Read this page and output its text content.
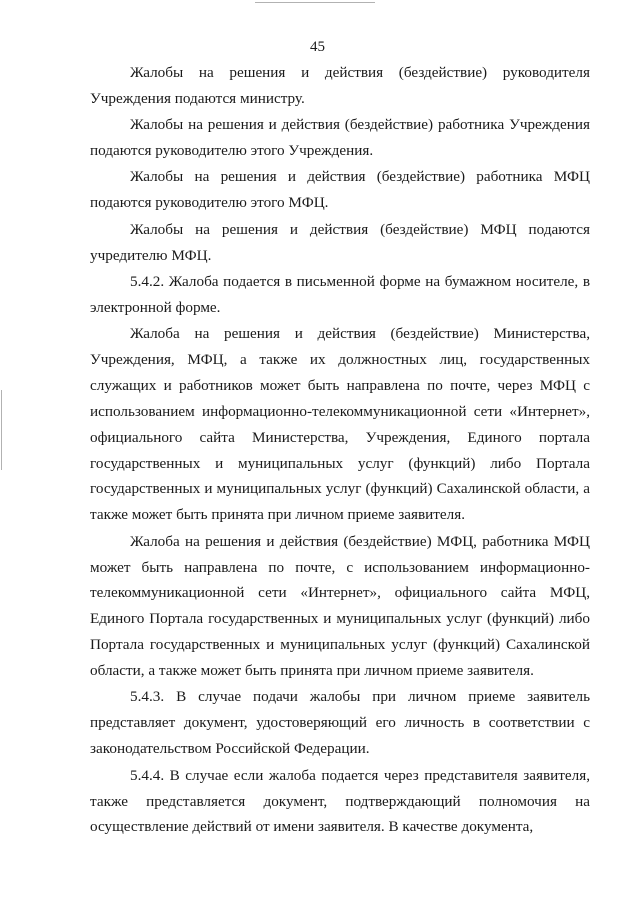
45

Жалобы на решения и действия (бездействие) руководителя Учреждения подаются министру.

Жалобы на решения и действия (бездействие) работника Учреждения подаются руководителю этого Учреждения.

Жалобы на решения и действия (бездействие) работника МФЦ подаются руководителю этого МФЦ.

Жалобы на решения и действия (бездействие) МФЦ подаются учредителю МФЦ.

5.4.2. Жалоба подается в письменной форме на бумажном носителе, в электронной форме.

Жалоба на решения и действия (бездействие) Министерства, Учреждения, МФЦ, а также их должностных лиц, государственных служащих и работников может быть направлена по почте, через МФЦ с использованием информационно-телекоммуникационной сети «Интернет», официального сайта Министерства, Учреждения, Единого портала государственных и муниципальных услуг (функций) либо Портала государственных и муниципальных услуг (функций) Сахалинской области, а также может быть принята при личном приеме заявителя.

Жалоба на решения и действия (бездействие) МФЦ, работника МФЦ может быть направлена по почте, с использованием информационно-телекоммуникационной сети «Интернет», официального сайта МФЦ, Единого Портала государственных и муниципальных услуг (функций) либо Портала государственных и муниципальных услуг (функций) Сахалинской области, а также может быть принята при личном приеме заявителя.

5.4.3. В случае подачи жалобы при личном приеме заявитель представляет документ, удостоверяющий его личность в соответствии с законодательством Российской Федерации.

5.4.4. В случае если жалоба подается через представителя заявителя, также представляется документ, подтверждающий полномочия на осуществление действий от имени заявителя. В качестве документа,
